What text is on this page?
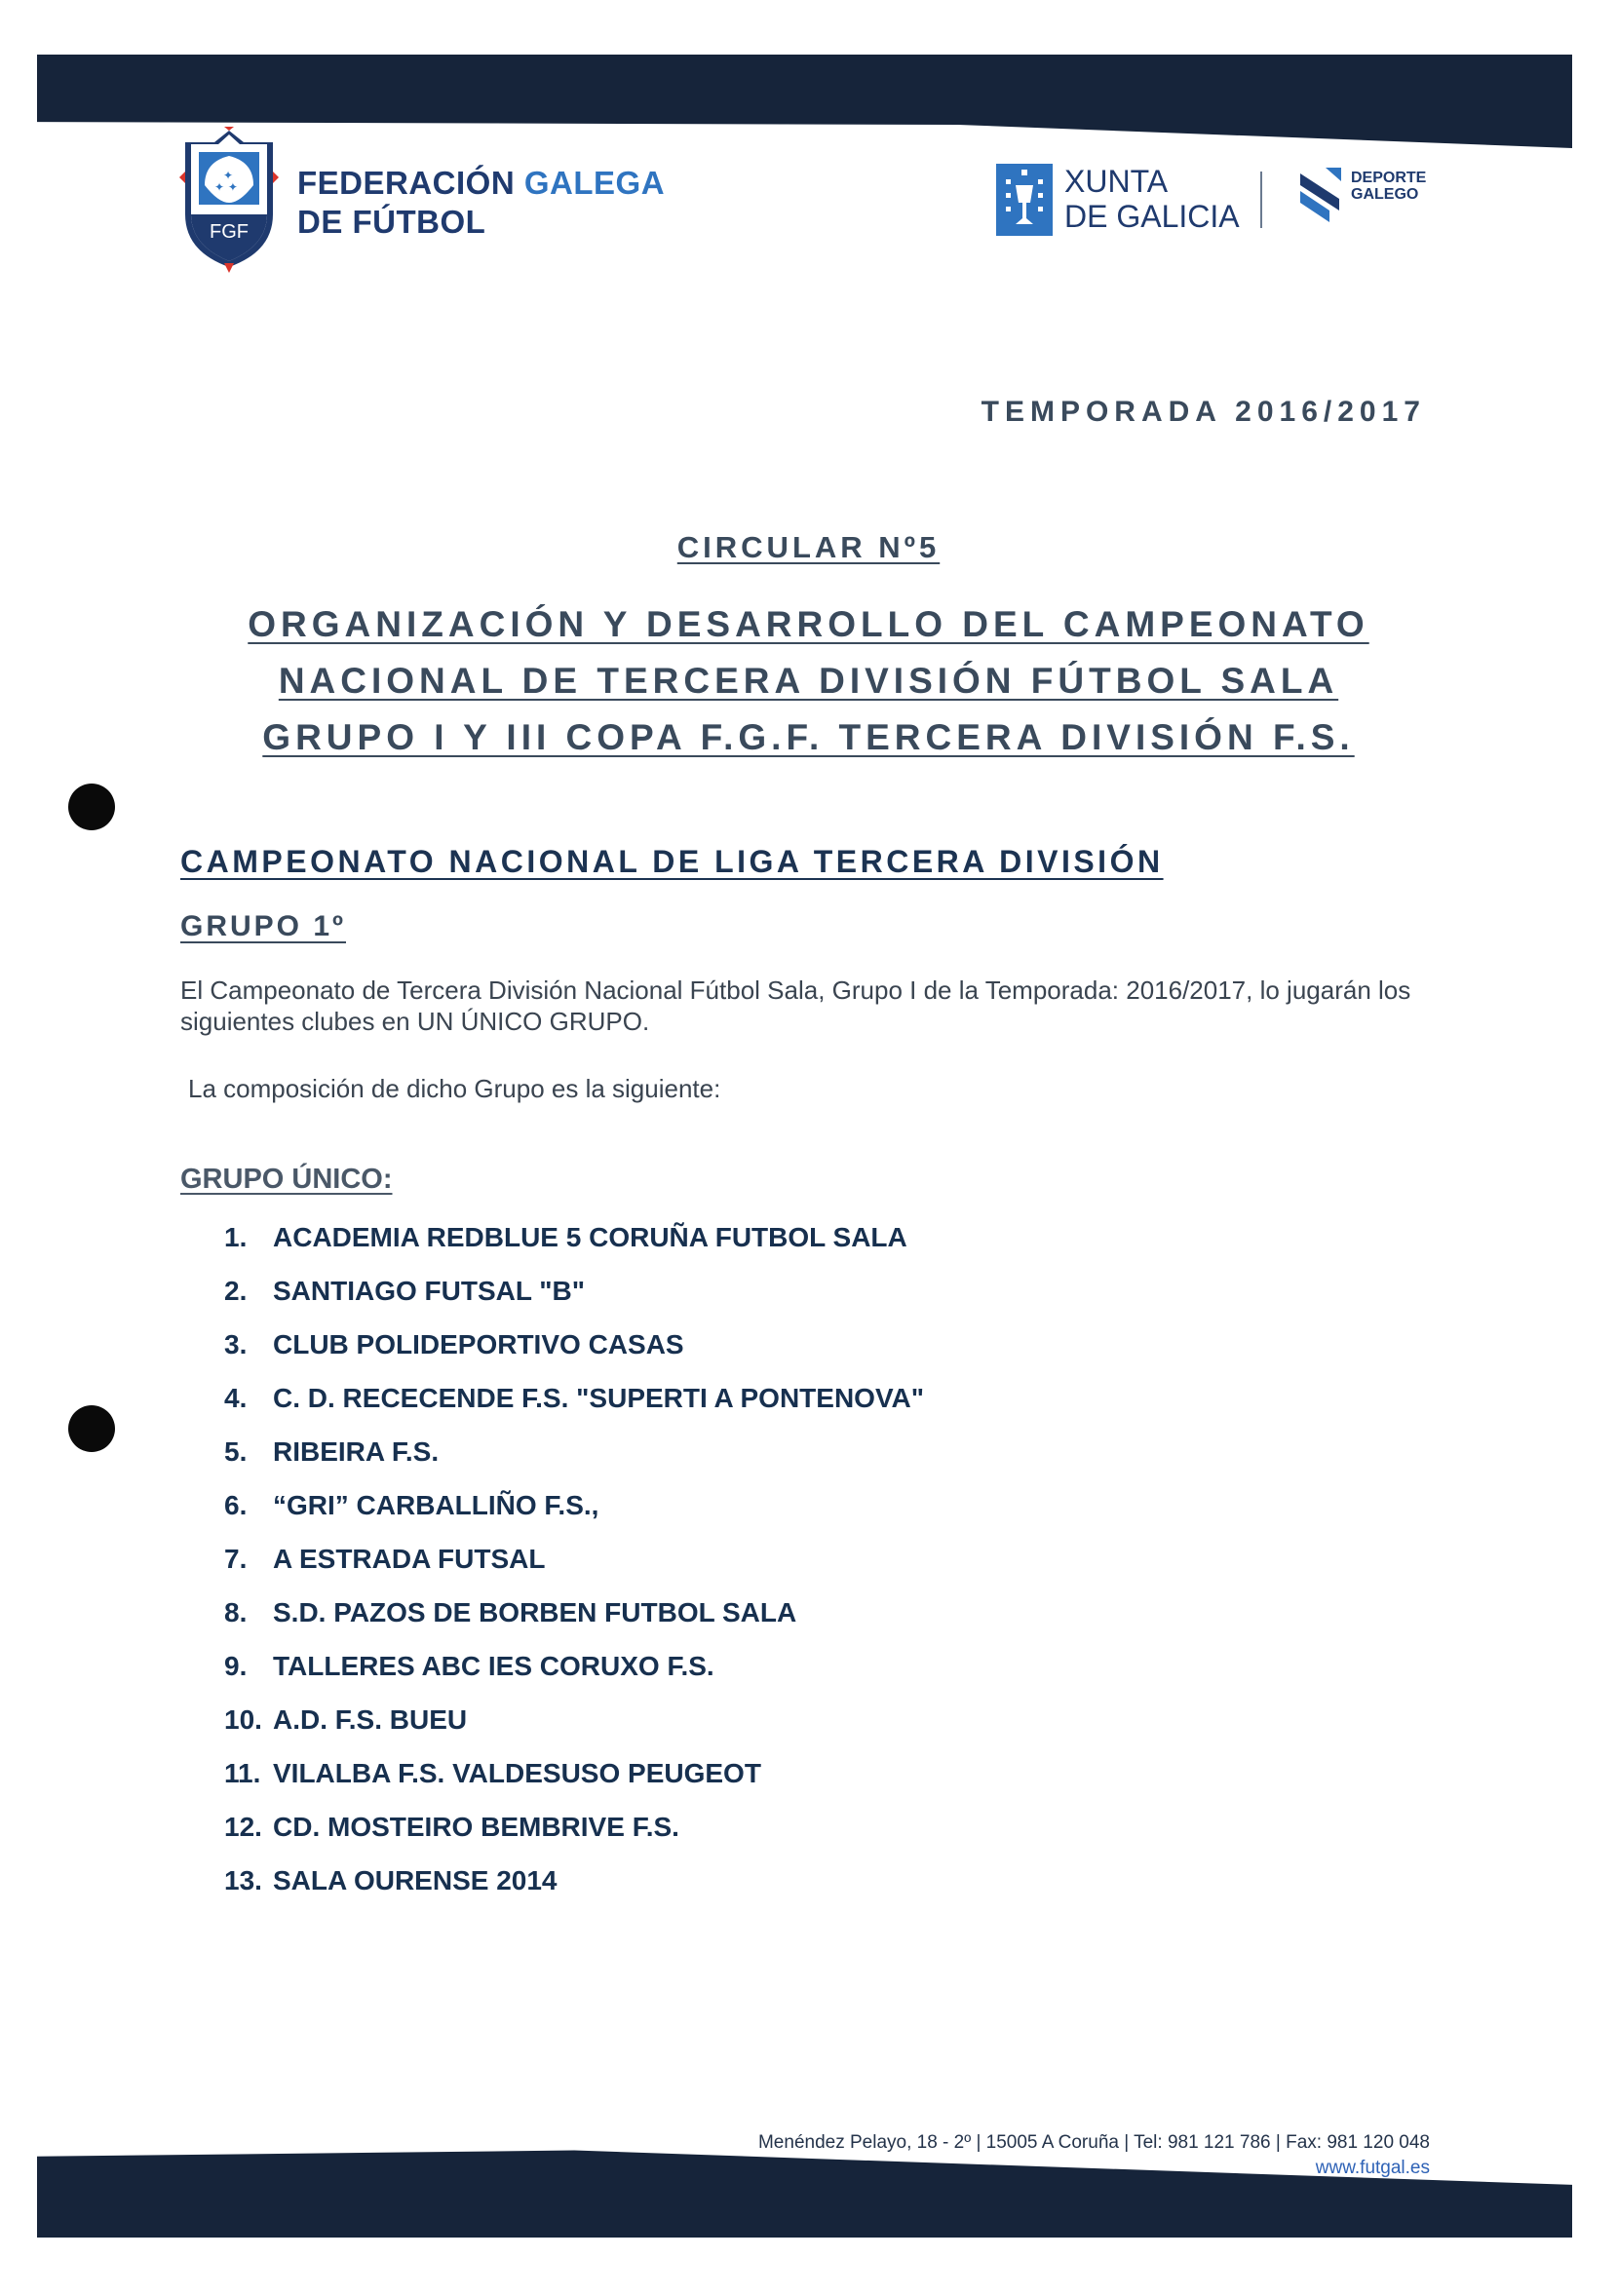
✦
✦ ✦
FGF
FEDERACIÓN GALEGA
DE FÚTBOL
XUNTA
DE GALICIA
DEPORTE
GALEGO
TEMPORADA 2016/2017
CIRCULAR Nº5
ORGANIZACIÓN Y DESARROLLO DEL CAMPEONATO
NACIONAL DE TERCERA DIVISIÓN FÚTBOL SALA
GRUPO I Y III COPA F.G.F. TERCERA DIVISIÓN F.S.
CAMPEONATO NACIONAL DE LIGA TERCERA DIVISIÓN
GRUPO 1º
El Campeonato de Tercera División Nacional Fútbol Sala, Grupo I de la Temporada: 2016/2017, lo jugarán los siguientes clubes en UN ÚNICO GRUPO.
La composición de dicho Grupo es la siguiente:
GRUPO ÚNICO:
1. ACADEMIA REDBLUE 5 CORUÑA FUTBOL SALA
2. SANTIAGO FUTSAL "B"
3. CLUB POLIDEPORTIVO CASAS
4. C. D. RECECENDE F.S. "SUPERTI A PONTENOVA"
5. RIBEIRA F.S.
6. “GRI” CARBALLIÑO F.S.,
7. A ESTRADA FUTSAL
8. S.D. PAZOS DE BORBEN FUTBOL SALA
9. TALLERES ABC IES CORUXO F.S.
10. A.D. F.S. BUEU
11. VILALBA F.S. VALDESUSO PEUGEOT
12. CD. MOSTEIRO BEMBRIVE F.S.
13. SALA OURENSE 2014
Menéndez Pelayo, 18 - 2º | 15005 A Coruña | Tel: 981 121 786 | Fax: 981 120 048
www.futgal.es
